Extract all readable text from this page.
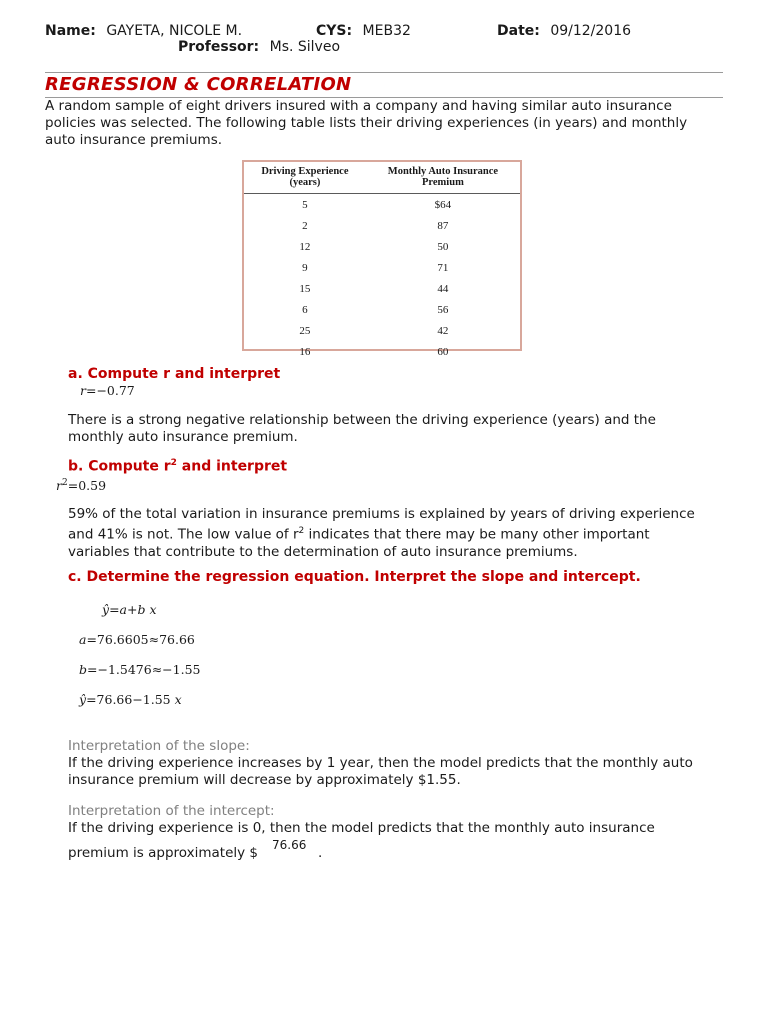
Name: GAYETA, NICOLE M.	CYS: MEB32	Date: 09/12/2016
Professor: Ms. Silveo
REGRESSION & CORRELATION
A random sample of eight drivers insured with a company and having similar auto insurance
policies was selected. The following table lists their driving experiences (in years) and monthly
auto insurance premiums.
Driving Experience (years)	Monthly Auto Insurance Premium
5	$64
2	87
12	50
9	71
15	44
6	56
25	42
16	60
a. Compute r and interpret
r=−0.77
There is a strong negative relationship between the driving experience (years) and the
monthly auto insurance premium.
b. Compute $r^2$ and interpret
$r^2=0.59$
59% of the total variation in insurance premiums is explained by years of driving experience
and 41% is not. The low value of $r^2$ indicates that there may be many other important
variables that contribute to the determination of auto insurance premiums.
c. Determine the regression equation. Interpret the slope and intercept.
ŷ=a+b x
a=76.6605≈76.66
b=−1.5476≈−1.55
ŷ=76.66−1.55 x
Interpretation of the slope:
If the driving experience increases by 1 year, then the model predicts that the monthly auto
insurance premium will decrease by approximately $1.55.
Interpretation of the intercept:
If the driving experience is 0, then the model predicts that the monthly auto insurance
premium is approximately $ 76.66 .
